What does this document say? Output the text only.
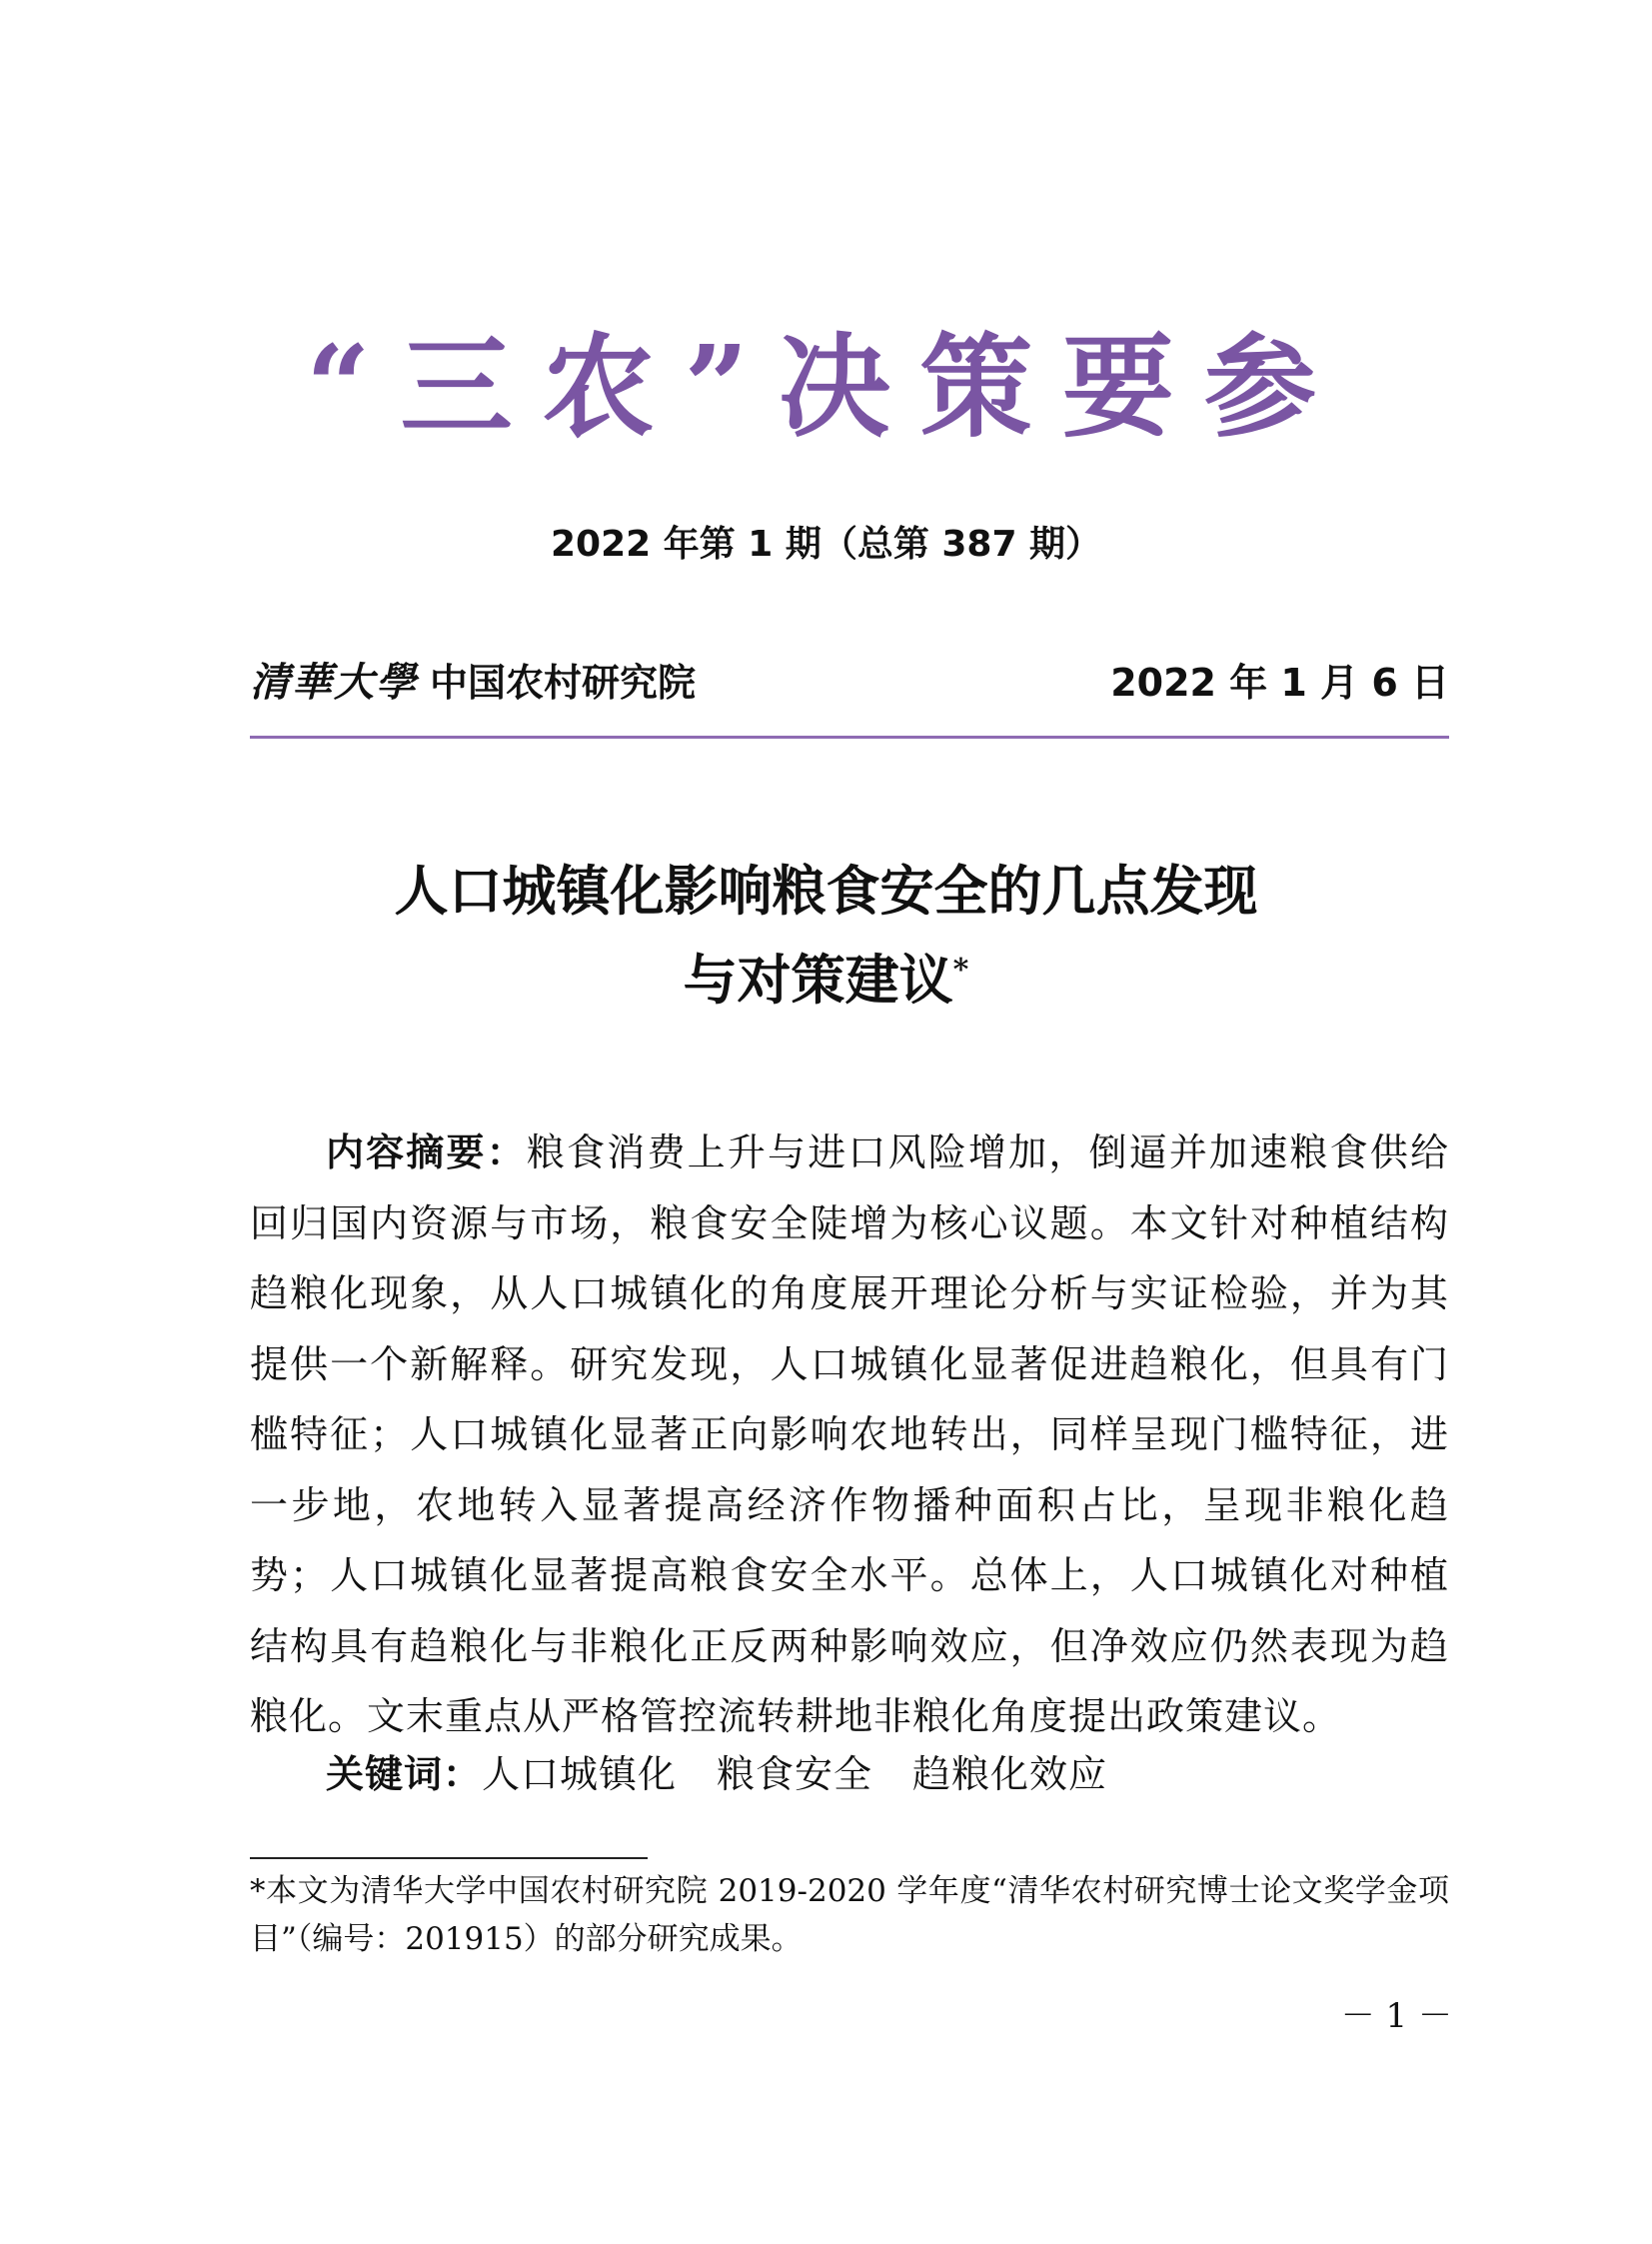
“三农”决策要参
2022 年第 1 期（总第 387 期）
清華大學 中国农村研究院	2022 年 1 月 6 日
人口城镇化影响粮食安全的几点发现
与对策建议*

内容摘要：粮食消费上升与进口风险增加，倒逼并加速粮食供给回归国内资源与市场，粮食安全陡增为核心议题。本文针对种植结构趋粮化现象，从人口城镇化的角度展开理论分析与实证检验，并为其提供一个新解释。研究发现，人口城镇化显著促进趋粮化，但具有门槛特征；人口城镇化显著正向影响农地转出，同样呈现门槛特征，进一步地，农地转入显著提高经济作物播种面积占比，呈现非粮化趋势；人口城镇化显著提高粮食安全水平。总体上，人口城镇化对种植结构具有趋粮化与非粮化正反两种影响效应，但净效应仍然表现为趋粮化。文末重点从严格管控流转耕地非粮化角度提出政策建议。

关键词：人口城镇化 粮食安全 趋粮化效应

*本文为清华大学中国农村研究院 2019-2020 学年度“清华农村研究博士论文奖学金项目”（编号：201915）的部分研究成果。

－ 1 －
